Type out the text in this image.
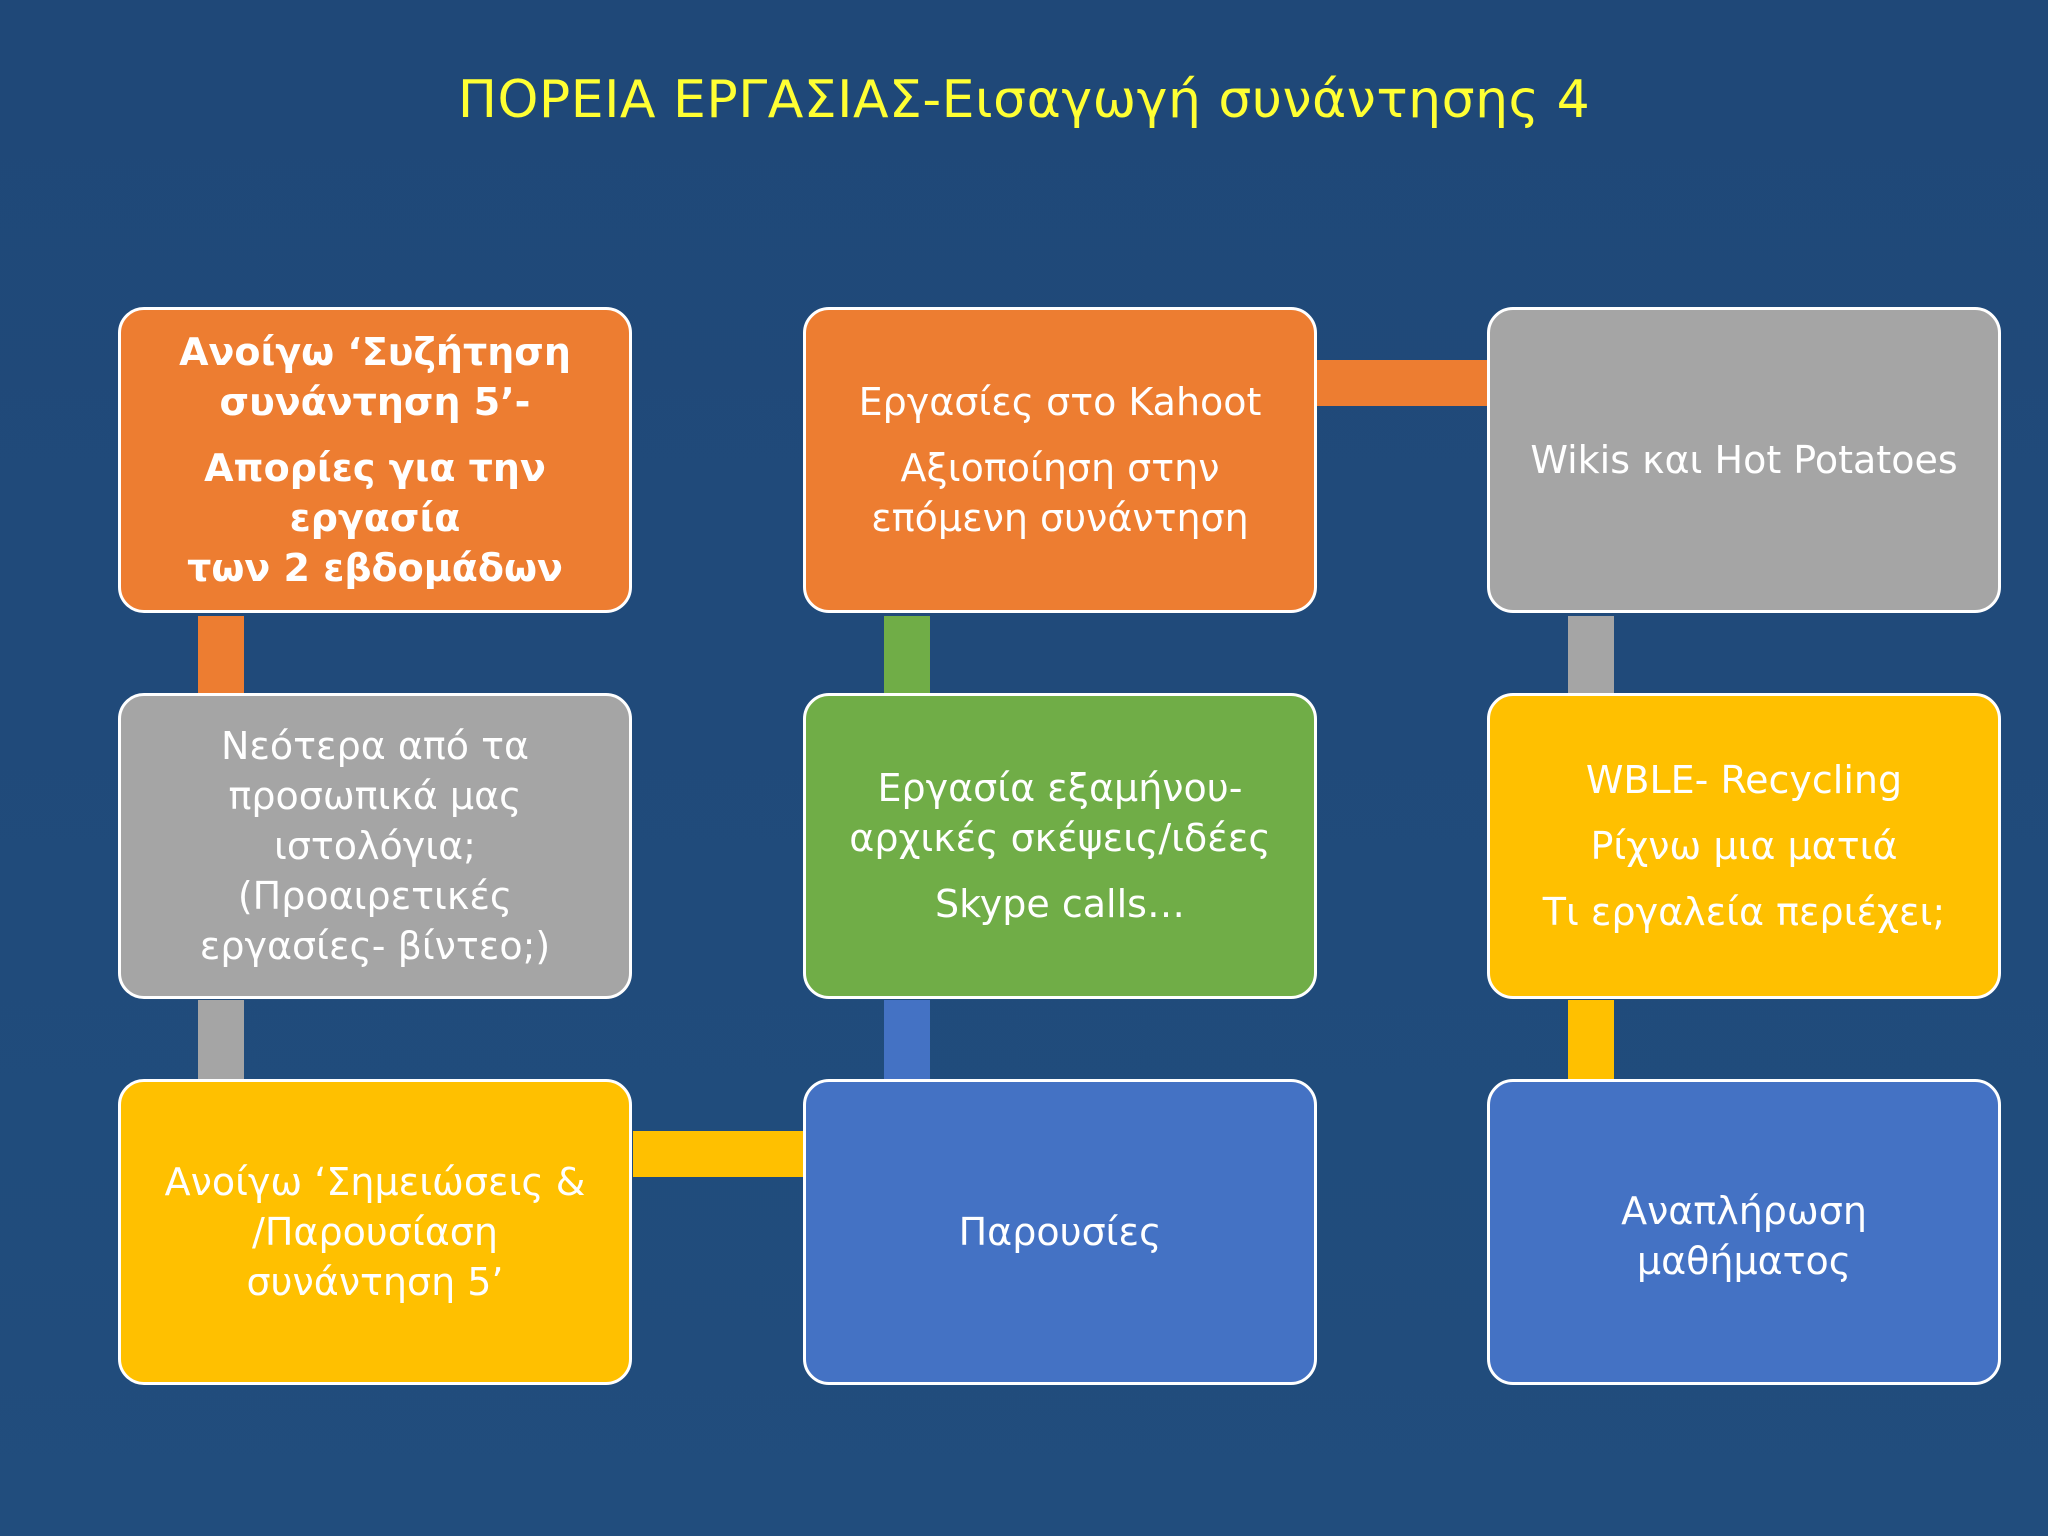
ΠΟΡΕΙΑ ΕΡΓΑΣΙΑΣ-Εισαγωγή συνάντησης 4
Ανοίγω ‘Συζήτηση
συνάντηση 5’-
Απορίες για την εργασία
των 2 εβδομάδων
Νεότερα από τα
προσωπικά μας
ιστολόγια; (Προαιρετικές
εργασίες- βίντεο;)
Ανοίγω ‘Σημειώσεις &
/Παρουσίαση
συνάντηση 5’
Εργασίες στο Kahoot
Αξιοποίηση στην
επόμενη συνάντηση
Εργασία εξαμήνου-
αρχικές σκέψεις/ιδέες
Skype calls…
Παρουσίες
Wikis και Hot Potatoes
WBLE- Recycling
Ρίχνω μια ματιά
Τι εργαλεία περιέχει;
Αναπλήρωση μαθήματος
